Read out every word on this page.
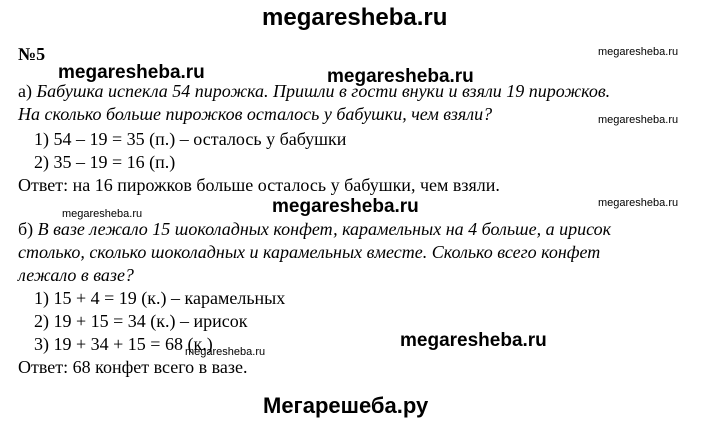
megaresheba.ru
megaresheba.ru	megaresheba.ru
megaresheba.ru
megaresheba.ru
Мегарешеба.ру
megaresheba.ru
megaresheba.ru
megaresheba.ru
megaresheba.ru
megaresheba.ru
№5
а) Бабушка испекла 54 пирожка. Пришли в гости внуки и взяли 19 пирожков.
На сколько больше пирожков осталось у бабушки, чем взяли?
1) 54 – 19 = 35 (п.) – осталось у бабушки
2) 35 – 19 = 16 (п.)
Ответ: на 16 пирожков больше осталось у бабушки, чем взяли.
б) В вазе лежало 15 шоколадных конфет, карамельных на 4 больше, а ирисок
столько, сколько шоколадных и карамельных вместе. Сколько всего конфет
лежало в вазе?
1) 15 + 4 = 19 (к.) – карамельных
2) 19 + 15 = 34 (к.) – ирисок
3) 19 + 34 + 15 = 68 (к.)
Ответ: 68 конфет всего в вазе.
